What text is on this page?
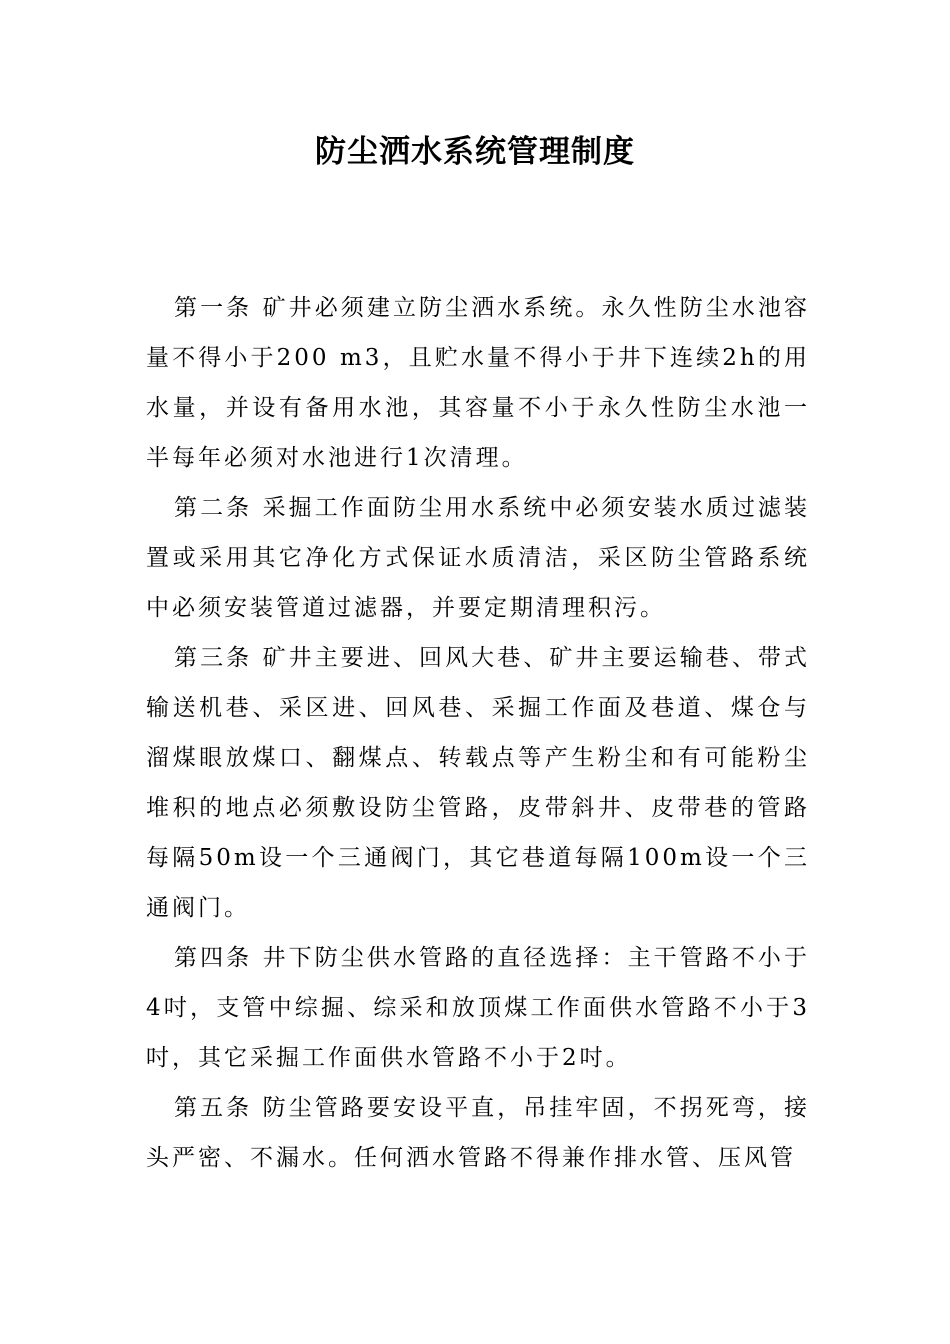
防尘洒水系统管理制度

第一条 矿井必须建立防尘洒水系统。永久性防尘水池容量不得小于200 m3，且贮水量不得小于井下连续2h的用水量，并设有备用水池，其容量不小于永久性防尘水池一半每年必须对水池进行1次清理。

第二条 采掘工作面防尘用水系统中必须安装水质过滤装置或采用其它净化方式保证水质清洁，采区防尘管路系统中必须安装管道过滤器，并要定期清理积污。

第三条 矿井主要进、回风大巷、矿井主要运输巷、带式输送机巷、采区进、回风巷、采掘工作面及巷道、煤仓与溜煤眼放煤口、翻煤点、转载点等产生粉尘和有可能粉尘堆积的地点必须敷设防尘管路，皮带斜井、皮带巷的管路每隔50m设一个三通阀门，其它巷道每隔100m设一个三通阀门。

第四条 井下防尘供水管路的直径选择：主干管路不小于4吋，支管中综掘、综采和放顶煤工作面供水管路不小于3吋，其它采掘工作面供水管路不小于2吋。

第五条 防尘管路要安设平直，吊挂牢固，不拐死弯，接头严密、不漏水。任何洒水管路不得兼作排水管、压风管
